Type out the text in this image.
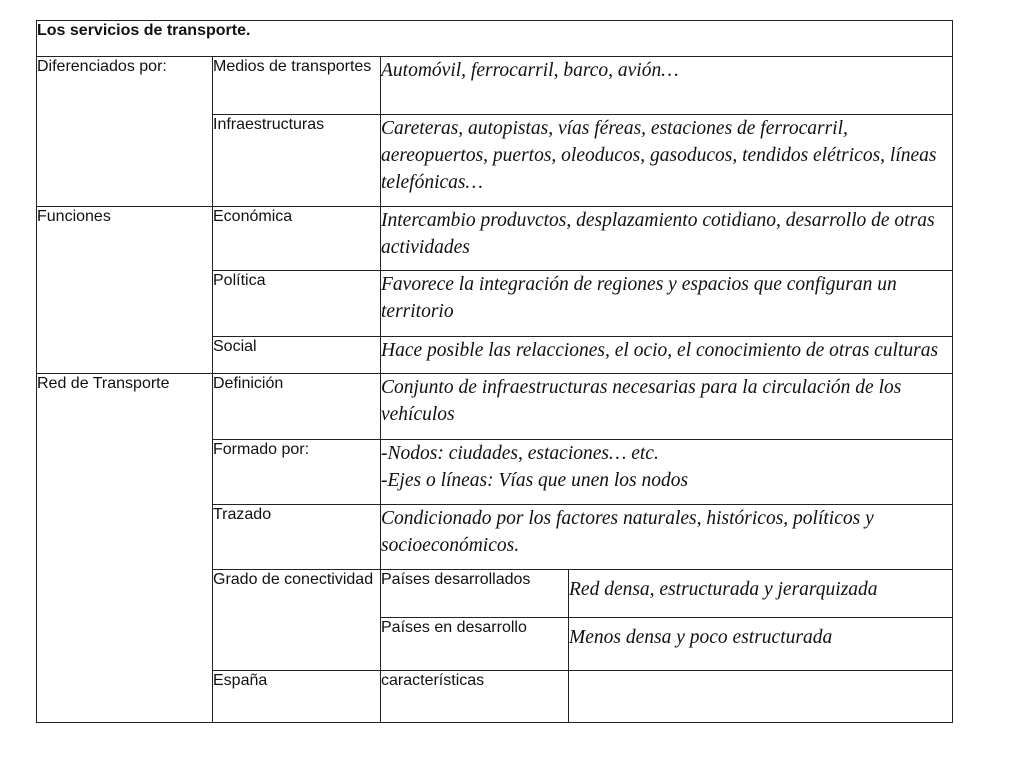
Los servicios de transporte.			
Diferenciados por:	Medios de transportes	Automóvil, ferrocarril, barco, avión…	

	Infraestructuras	Careteras, autopistas, vías féreas, estaciones de ferrocarril, aereopuertos, puertos, oleoducos, gasoducos, tendidos elétricos, líneas telefónicas…	

Funciones	Económica	Intercambio produvctos, desplazamiento cotidiano, desarrollo de otras actividades	

	Política	Favorece la integración de regiones y espacios que configuran un territorio	

	Social	Hace posible las relacciones, el ocio, el conocimiento de otras culturas	

Red de Transporte	Definición	Conjunto de infraestructuras necesarias para la circulación de los vehículos	

	Formado por:	-Nodos: ciudades, estaciones… etc.
-Ejes o líneas: Vías que unen los nodos	

	Trazado	Condicionado por los factores naturales, históricos, políticos y socioeconómicos.	

	Grado de conectividad	Países desarrollados	Red densa, estructurada y jerarquizada

		Países en desarrollo	Menos densa y poco estructurada

	España	características	
